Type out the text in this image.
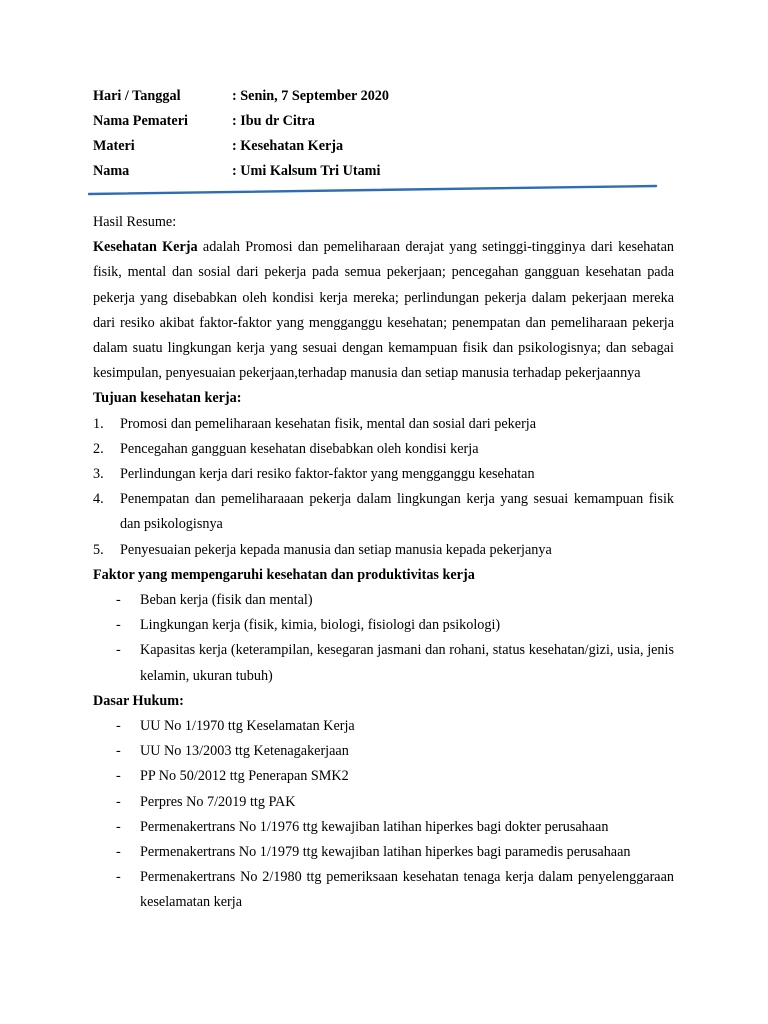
Hari / Tanggal	: Senin, 7 September 2020
Nama Pemateri	: Ibu dr Citra
Materi	: Kesehatan Kerja
Nama	: Umi Kalsum Tri Utami
Hasil Resume:
Kesehatan Kerja adalah Promosi dan pemeliharaan derajat yang setinggi-tingginya dari kesehatan fisik, mental dan sosial dari pekerja pada semua pekerjaan; pencegahan gangguan kesehatan pada pekerja yang disebabkan oleh kondisi kerja mereka; perlindungan pekerja dalam pekerjaan mereka dari resiko akibat faktor-faktor yang mengganggu kesehatan; penempatan dan pemeliharaan pekerja dalam suatu lingkungan kerja yang sesuai dengan kemampuan fisik dan psikologisnya; dan sebagai kesimpulan, penyesuaian pekerjaan,terhadap manusia dan setiap manusia terhadap pekerjaannya
Tujuan kesehatan kerja:
1. Promosi dan pemeliharaan kesehatan fisik, mental dan sosial dari pekerja
2. Pencegahan gangguan kesehatan disebabkan oleh kondisi kerja
3. Perlindungan kerja dari resiko faktor-faktor yang mengganggu kesehatan
4. Penempatan dan pemeliharaaan pekerja dalam lingkungan kerja yang sesuai kemampuan fisik dan psikologisnya
5. Penyesuaian pekerja kepada manusia dan setiap manusia kepada pekerjanya
Faktor yang mempengaruhi kesehatan dan produktivitas kerja
- Beban kerja (fisik dan mental)
- Lingkungan kerja (fisik, kimia, biologi, fisiologi dan psikologi)
- Kapasitas kerja (keterampilan, kesegaran jasmani dan rohani, status kesehatan/gizi, usia, jenis kelamin, ukuran tubuh)
Dasar Hukum:
- UU No 1/1970 ttg Keselamatan Kerja
- UU No 13/2003 ttg Ketenagakerjaan
- PP No 50/2012 ttg Penerapan SMK2
- Perpres No 7/2019 ttg PAK
- Permenakertrans No 1/1976 ttg kewajiban latihan hiperkes bagi dokter perusahaan
- Permenakertrans No 1/1979 ttg kewajiban latihan hiperkes bagi paramedis perusahaan
- Permenakertrans No 2/1980 ttg pemeriksaan kesehatan tenaga kerja dalam penyelenggaraan keselamatan kerja
